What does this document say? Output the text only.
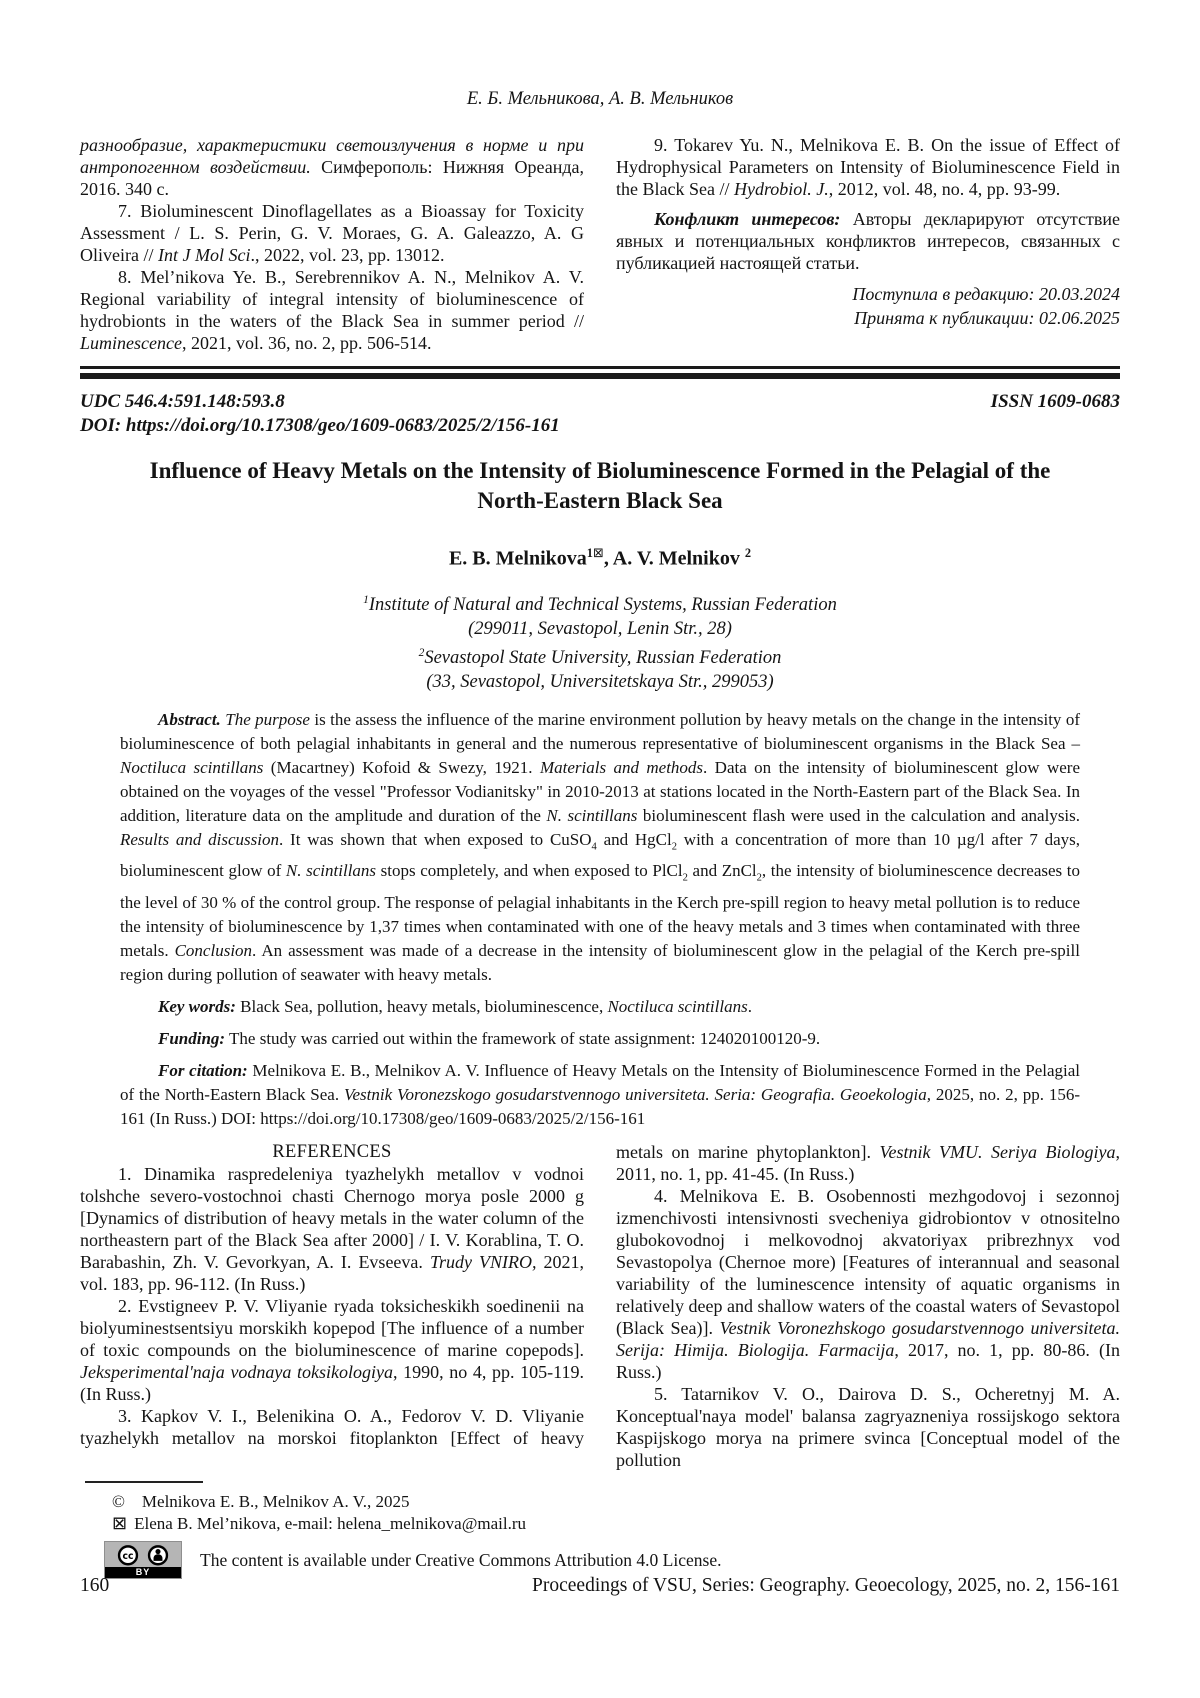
Е. Б. Мельникова, А. В. Мельников

разнообразие, характеристики светоизлучения в норме и при антропогенном воздействии. Симферополь: Нижняя Ореанда, 2016. 340 с.

7. Bioluminescent Dinoflagellates as a Bioassay for Toxicity Assessment / L. S. Perin, G. V. Moraes, G. A. Galeazzo, A. G Oliveira // Int J Mol Sci., 2022, vol. 23, pp. 13012.

8. Mel’nikova Ye. B., Serebrennikov A. N., Melnikov A. V. Regional variability of integral intensity of bioluminescence of hydrobionts in the waters of the Black Sea in summer period // Luminescence, 2021, vol. 36, no. 2, pp. 506-514.

9. Tokarev Yu. N., Melnikova E. B. On the issue of Effect of Hydrophysical Parameters on Intensity of Bioluminescence Field in the Black Sea // Hydrobiol. J., 2012, vol. 48, no. 4, pp. 93-99.

Конфликт интересов: Авторы декларируют отсутствие явных и потенциальных конфликтов интересов, связанных с публикацией настоящей статьи.

Поступила в редакцию: 20.03.2024

Принята к публикации: 02.06.2025

UDC 546.4:591.148:593.8	ISSN 1609-0683

DOI: https://doi.org/10.17308/geo/1609-0683/2025/2/156-161

Influence of Heavy Metals on the Intensity of Bioluminescence Formed in the Pelagial of the North-Eastern Black Sea

E. B. Melnikova$^{1⊠}$, A. V. Melnikov $^2$

$^1$Institute of Natural and Technical Systems, Russian Federation

(299011, Sevastopol, Lenin Str., 28)

$^2$Sevastopol State University, Russian Federation

(33, Sevastopol, Universitetskaya Str., 299053)

Abstract. The purpose is the assess the influence of the marine environment pollution by heavy metals on the change in the intensity of bioluminescence of both pelagial inhabitants in general and the numerous representative of bioluminescent organisms in the Black Sea – Noctiluca scintillans (Macartney) Kofoid & Swezy, 1921. Materials and methods. Data on the intensity of bioluminescent glow were obtained on the voyages of the vessel "Professor Vodianitsky" in 2010-2013 at stations located in the North-Eastern part of the Black Sea. In addition, literature data on the amplitude and duration of the N. scintillans bioluminescent flash were used in the calculation and analysis. Results and discussion. It was shown that when exposed to CuSO$_4$ and HgCl$_2$ with a concentration of more than 10 µg/l after 7 days, bioluminescent glow of N. scintillans stops completely, and when exposed to PlCl$_2$ and ZnCl$_2$, the intensity of bioluminescence decreases to the level of 30 % of the control group. The response of pelagial inhabitants in the Kerch pre-spill region to heavy metal pollution is to reduce the intensity of bioluminescence by 1,37 times when contaminated with one of the heavy metals and 3 times when contaminated with three metals. Conclusion. An assessment was made of a decrease in the intensity of bioluminescent glow in the pelagial of the Kerch pre-spill region during pollution of seawater with heavy metals.

Key words: Black Sea, pollution, heavy metals, bioluminescence, Noctiluca scintillans.

Funding: The study was carried out within the framework of state assignment: 124020100120-9.

For citation: Melnikova E. B., Melnikov A. V. Influence of Heavy Metals on the Intensity of Bioluminescence Formed in the Pelagial of the North-Eastern Black Sea. Vestnik Voronezskogo gosudarstvennogo universiteta. Seria: Geografia. Geoekologia, 2025, no. 2, pp. 156-161 (In Russ.) DOI: https://doi.org/10.17308/geo/1609-0683/2025/2/156-161

REFERENCES

1. Dinamika raspredeleniya tyazhelykh metallov v vodnoi tolshche severo-vostochnoi chasti Chernogo morya posle 2000 g [Dynamics of distribution of heavy metals in the water column of the northeastern part of the Black Sea after 2000] / I. V. Korablina, T. O. Barabashin, Zh. V. Gevorkyan, A. I. Evseeva. Trudy VNIRO, 2021, vol. 183, pp. 96-112. (In Russ.)

2. Evstigneev P. V. Vliyanie ryada toksicheskikh soedinenii na biolyuminestsentsiyu morskikh kopepod [The influence of a number of toxic compounds on the bioluminescence of marine copepods]. Jeksperimental'naja vodnaya toksikologiya, 1990, no 4, pp. 105-119. (In Russ.)

3. Kapkov V. I., Belenikina O. A., Fedorov V. D. Vliyanie tyazhelykh metallov na morskoi fitoplankton [Effect of heavy

metals on marine phytoplankton]. Vestnik VMU. Seriya Biologiya, 2011, no. 1, pp. 41-45. (In Russ.)

4. Melnikova E. B. Osobennosti mezhgodovoj i sezonnoj izmenchivosti intensivnosti svecheniya gidrobiontov v otnositelno glubokovodnoj i melkovodnoj akvatoriyax pribrezhnyx vod Sevastopolya (Chernoe more) [Features of interannual and seasonal variability of the luminescence intensity of aquatic organisms in relatively deep and shallow waters of the coastal waters of Sevastopol (Black Sea)]. Vestnik Voronezhskogo gosudarstvennogo universiteta. Serija: Himija. Biologija. Farmacija, 2017, no. 1, pp. 80-86. (In Russ.)

5. Tatarnikov V. O., Dairova D. S., Ocheretnyj M. A. Konceptual'naya model' balansa zagryazneniya rossijskogo sektora Kaspijskogo morya na primere svinca [Conceptual model of the pollution

© Melnikova E. B., Melnikov A. V., 2025

⊠ Elena B. Mel’nikova, e-mail: helena_melnikova@mail.ru

cc
BY

The content is available under Creative Commons Attribution 4.0 License.

160	Proceedings of VSU, Series: Geography. Geoecology, 2025, no. 2, 156-161
